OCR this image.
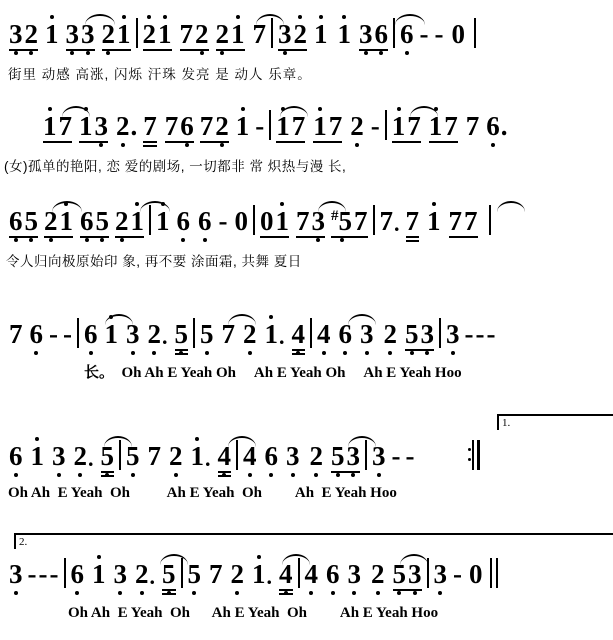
3 2 1 3 3 2 1 2 1 7 2 2 1 7 3 2 1 1 3 6 6 - - 0
街里 动感 高涨, 闪烁 汗珠 发亮 是 动人 乐章。
1 7 1 3 2 . 7 7 6 7 2 1 - 1 7 1 7 2 - 1 7 1 7 7 6 .
(女)孤单的艳阳, 恋 爱的剧场, 一切都非 常 炽热与漫 长,
6 5 2 1 6 5 2 1 1 6 6 - 0 0 1 7 3 #5 7 7 . 7 1 7 7
令人归向极原始印 象, 再不要 涂面霜, 共舞 夏日
7 6 - - 6 1 3 2 . 5 5 7 2 1 . 4 4 6 3 2 5 3 3 - - -
长。  Oh Ah E Yeah Oh     Ah E Yeah Oh     Ah E Yeah Hoo
1.
6 1 3 2 . 5 5 7 2 1 . 4 4 6 3 2 5 3 3 - -
Oh Ah  E Yeah  Oh          Ah E Yeah  Oh         Ah  E Yeah Hoo
2.
3 - - - 6 1 3 2 . 5 5 7 2 1 . 4 4 6 3 2 5 3 3 - 0
Oh Ah  E Yeah  Oh      Ah E Yeah  Oh         Ah E Yeah Hoo
